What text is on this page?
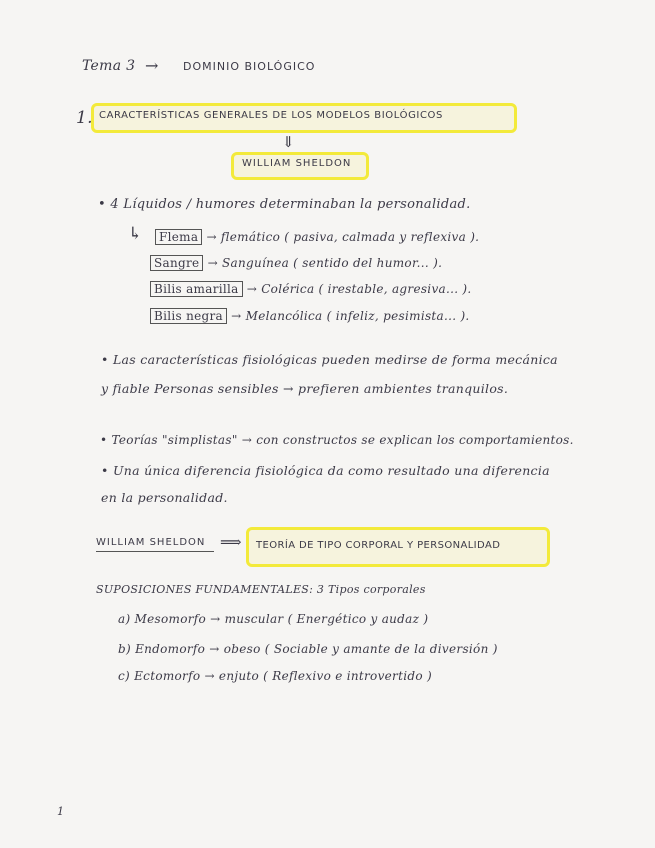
Tema 3 → DOMINIO BIOLÓGICO
1. CARACTERÍSTICAS GENERALES DE LOS MODELOS BIOLÓGICOS
⇓
WILLIAM SHELDON
• 4 Líquidos / humores determinaban la personalidad.
↳	Flema → flemático ( pasiva, calmada y reflexiva ).
Sangre → Sanguínea ( sentido del humor... ).
Bilis amarilla → Colérica ( irestable, agresiva... ).
Bilis negra → Melancólica ( infeliz, pesimista... ).
• Las características fisiológicas pueden medirse de forma mecánica
y fiable Personas sensibles → prefieren ambientes tranquilos.
• Teorías "simplistas" → con constructos se explican los comportamientos.
• Una única diferencia fisiológica da como resultado una diferencia
en la personalidad.
WILLIAM SHELDON ⟹ TEORÍA DE TIPO CORPORAL Y PERSONALIDAD
SUPOSICIONES FUNDAMENTALES: 3 Tipos corporales
a) Mesomorfo → muscular ( Energético y audaz )
b) Endomorfo → obeso ( Sociable y amante de la diversión )
c) Ectomorfo → enjuto ( Reflexivo e introvertido )
1
